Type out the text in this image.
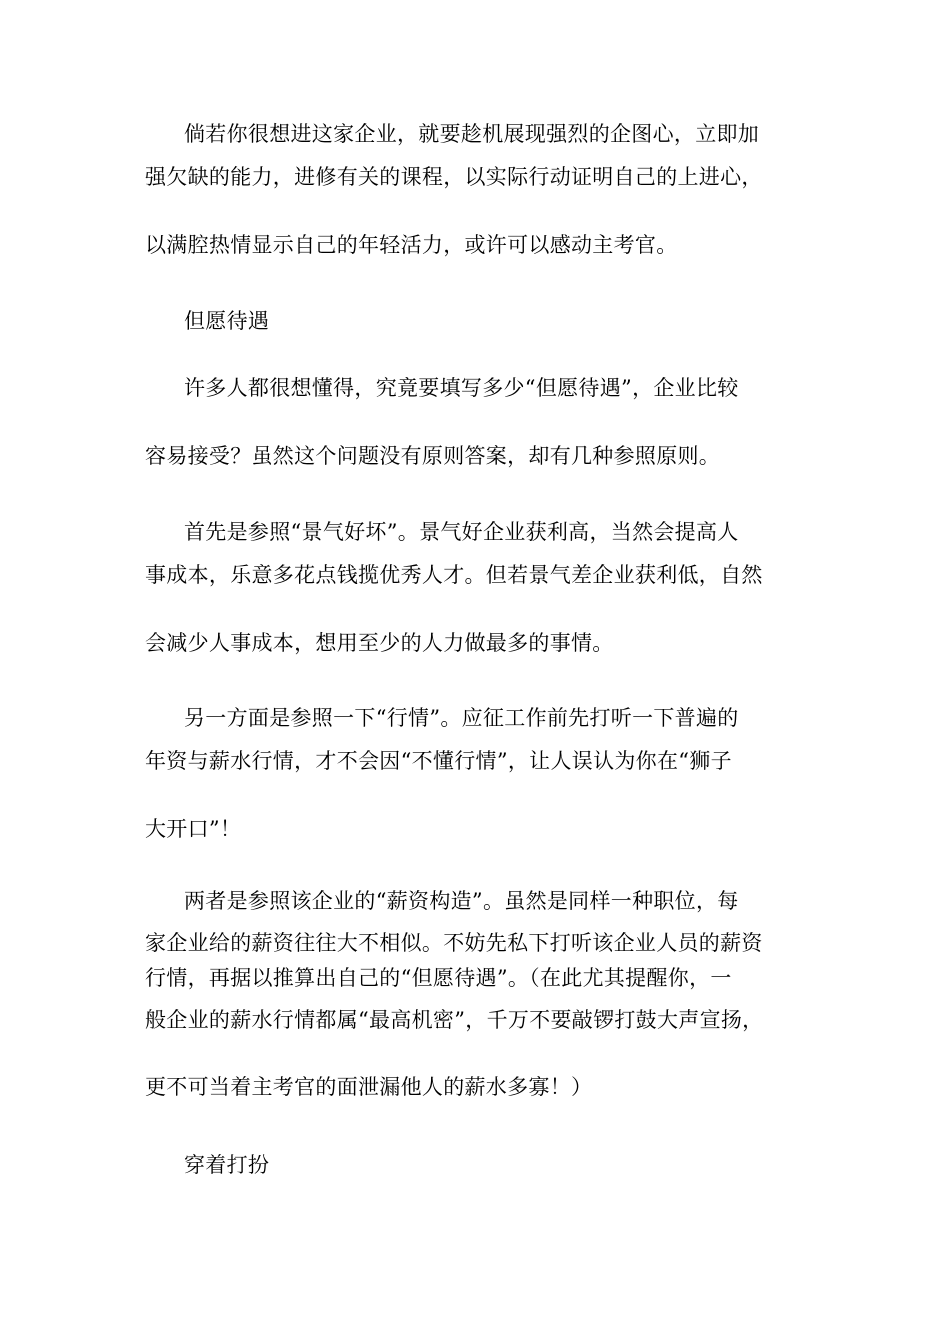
倘若你很想进这家企业，就要趁机展现强烈的企图心，立即加
强欠缺的能力，进修有关的课程，以实际行动证明自己的上进心，
以满腔热情显示自己的年轻活力，或许可以感动主考官。
但愿待遇
许多人都很想懂得，究竟要填写多少“但愿待遇”，企业比较
容易接受？虽然这个问题没有原则答案，却有几种参照原则。
首先是参照“景气好坏”。景气好企业获利高，当然会提高人
事成本，乐意多花点钱揽优秀人才。但若景气差企业获利低，自然
会减少人事成本，想用至少的人力做最多的事情。
另一方面是参照一下“行情”。应征工作前先打听一下普遍的
年资与薪水行情，才不会因“不懂行情”，让人误认为你在“狮子
大开口”！
两者是参照该企业的“薪资构造”。虽然是同样一种职位，每
家企业给的薪资往往大不相似。不妨先私下打听该企业人员的薪资
行情，再据以推算出自己的“但愿待遇”。（在此尤其提醒你，一
般企业的薪水行情都属“最高机密”，千万不要敲锣打鼓大声宣扬，
更不可当着主考官的面泄漏他人的薪水多寡！）
穿着打扮
